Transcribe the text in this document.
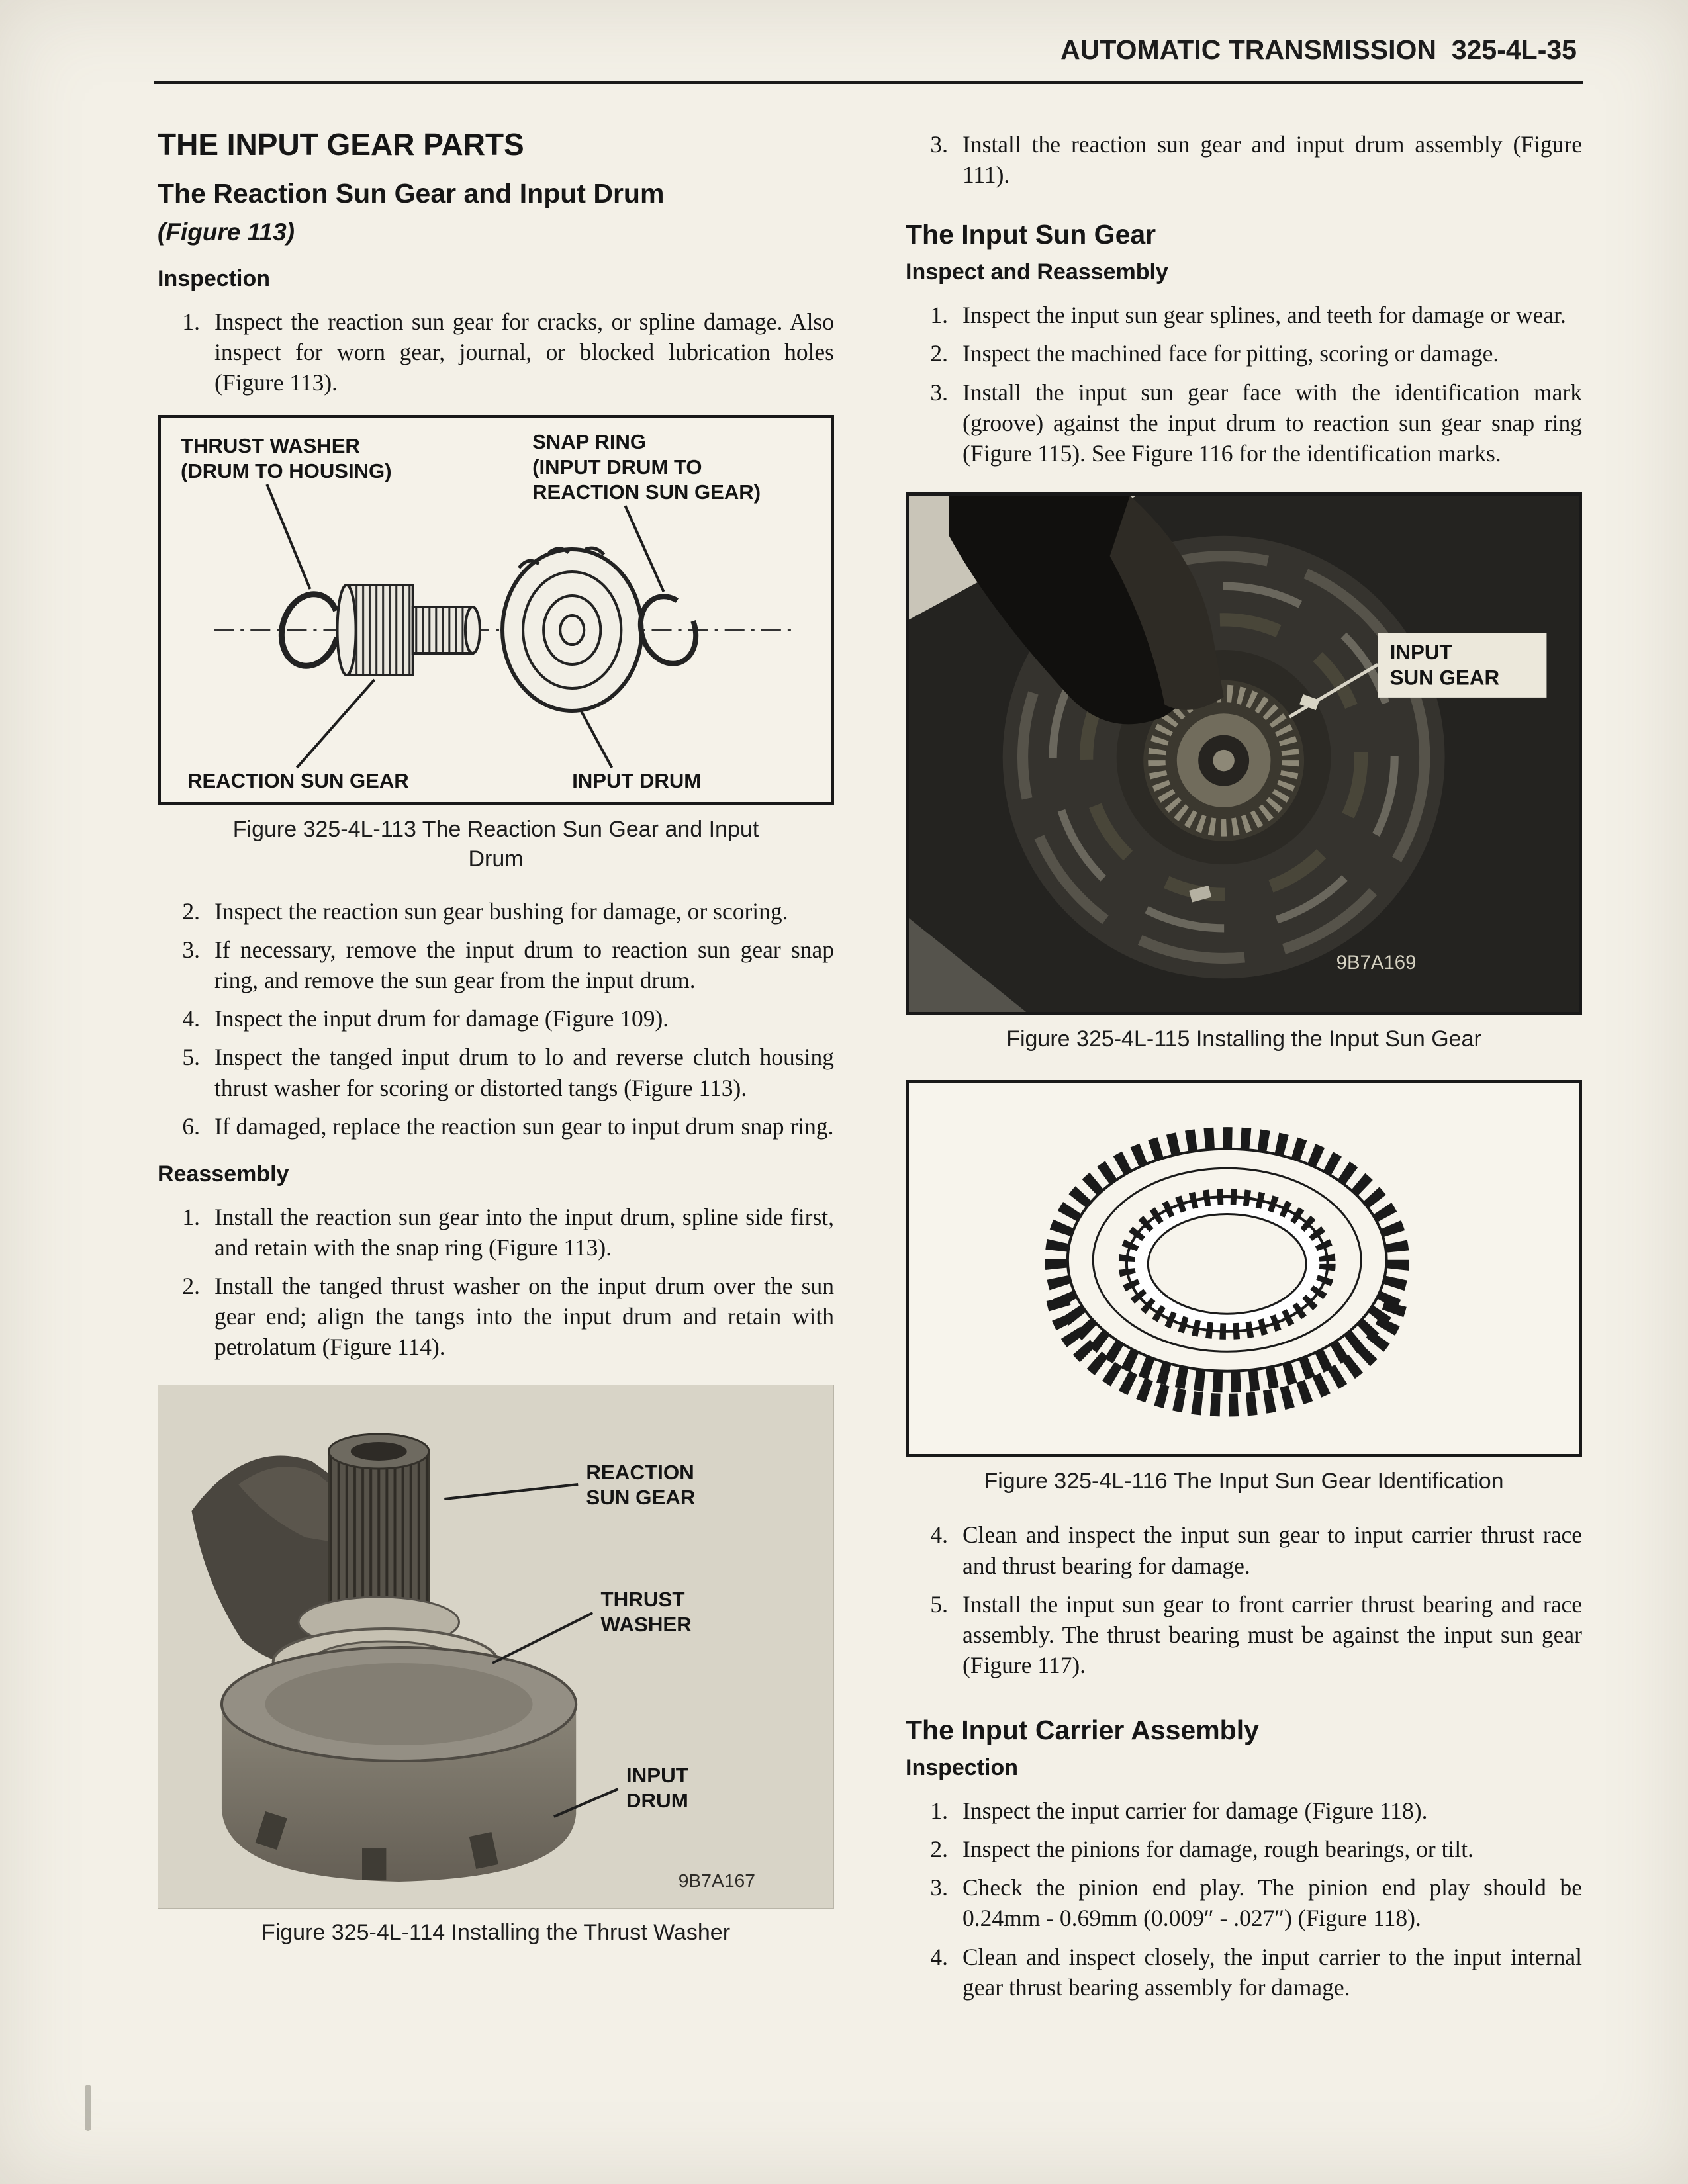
AUTOMATIC TRANSMISSION  325-4L-35
THE INPUT GEAR PARTS
The Reaction Sun Gear and Input Drum
(Figure 113)
Inspection
1. Inspect the reaction sun gear for cracks, or spline damage. Also inspect for worn gear, journal, or blocked lubrication holes (Figure 113).
THRUST WASHER
(DRUM TO HOUSING)
SNAP RING
(INPUT DRUM TO
REACTION SUN GEAR)
REACTION SUN GEAR	INPUT DRUM
Figure 325-4L-113 The Reaction Sun Gear and Input Drum
2. Inspect the reaction sun gear bushing for damage, or scoring.
3. If necessary, remove the input drum to reaction sun gear snap ring, and remove the sun gear from the input drum.
4. Inspect the input drum for damage (Figure 109).
5. Inspect the tanged input drum to lo and reverse clutch housing thrust washer for scoring or distorted tangs (Figure 113).
6. If damaged, replace the reaction sun gear to input drum snap ring.
Reassembly
1. Install the reaction sun gear into the input drum, spline side first, and retain with the snap ring (Figure 113).
2. Install the tanged thrust washer on the input drum over the sun gear end; align the tangs into the input drum and retain with petrolatum (Figure 114).
REACTION
SUN GEAR
THRUST
WASHER
INPUT
DRUM
9B7A167
Figure 325-4L-114 Installing the Thrust Washer
3. Install the reaction sun gear and input drum assembly (Figure 111).
The Input Sun Gear
Inspect and Reassembly
1. Inspect the input sun gear splines, and teeth for damage or wear.
2. Inspect the machined face for pitting, scoring or damage.
3. Install the input sun gear face with the identification mark (groove) against the input drum to reaction sun gear snap ring (Figure 115). See Figure 116 for the identification marks.
INPUT
SUN GEAR
9B7A169
Figure 325-4L-115 Installing the Input Sun Gear
Figure 325-4L-116 The Input Sun Gear Identification
4. Clean and inspect the input sun gear to input carrier thrust race and thrust bearing for damage.
5. Install the input sun gear to front carrier thrust bearing and race assembly. The thrust bearing must be against the input sun gear (Figure 117).
The Input Carrier Assembly
Inspection
1. Inspect the input carrier for damage (Figure 118).
2. Inspect the pinions for damage, rough bearings, or tilt.
3. Check the pinion end play. The pinion end play should be 0.24mm - 0.69mm (0.009″ - .027″) (Figure 118).
4. Clean and inspect closely, the input carrier to the input internal gear thrust bearing assembly for damage.
